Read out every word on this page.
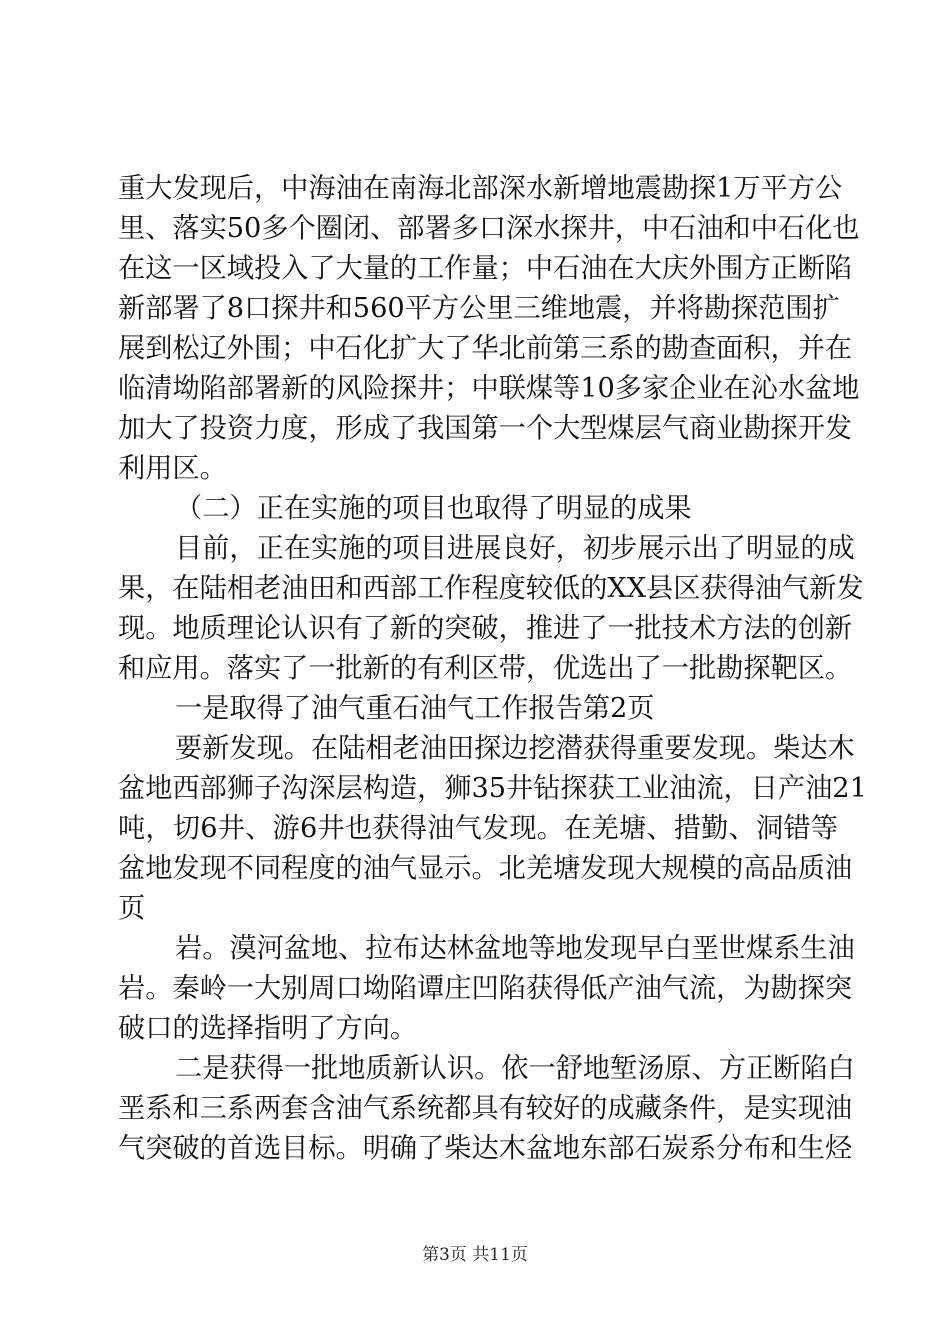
重大发现后，中海油在南海北部深水新增地震勘探1万平方公
里、落实50多个圈闭、部署多口深水探井，中石油和中石化也
在这一区域投入了大量的工作量；中石油在大庆外围方正断陷
新部署了8口探井和560平方公里三维地震，并将勘探范围扩
展到松辽外围；中石化扩大了华北前第三系的勘查面积，并在
临清坳陷部署新的风险探井；中联煤等10多家企业在沁水盆地
加大了投资力度，形成了我国第一个大型煤层气商业勘探开发
利用区。
（二）正在实施的项目也取得了明显的成果
目前，正在实施的项目进展良好，初步展示出了明显的成
果，在陆相老油田和西部工作程度较低的XX县区获得油气新发
现。地质理论认识有了新的突破，推进了一批技术方法的创新
和应用。落实了一批新的有利区带，优选出了一批勘探靶区。
一是取得了油气重石油气工作报告第2页
要新发现。在陆相老油田探边挖潜获得重要发现。柴达木
盆地西部狮子沟深层构造，狮35井钻探获工业油流，日产油21
吨，切6井、游6井也获得油气发现。在羌塘、措勤、洞错等
盆地发现不同程度的油气显示。北羌塘发现大规模的高品质油
页
岩。漠河盆地、拉布达林盆地等地发现早白垩世煤系生油
岩。秦岭一大别周口坳陷谭庄凹陷获得低产油气流，为勘探突
破口的选择指明了方向。
二是获得一批地质新认识。依一舒地堑汤原、方正断陷白
垩系和三系两套含油气系统都具有较好的成藏条件，是实现油
气突破的首选目标。明确了柴达木盆地东部石炭系分布和生烃
第3页 共11页
